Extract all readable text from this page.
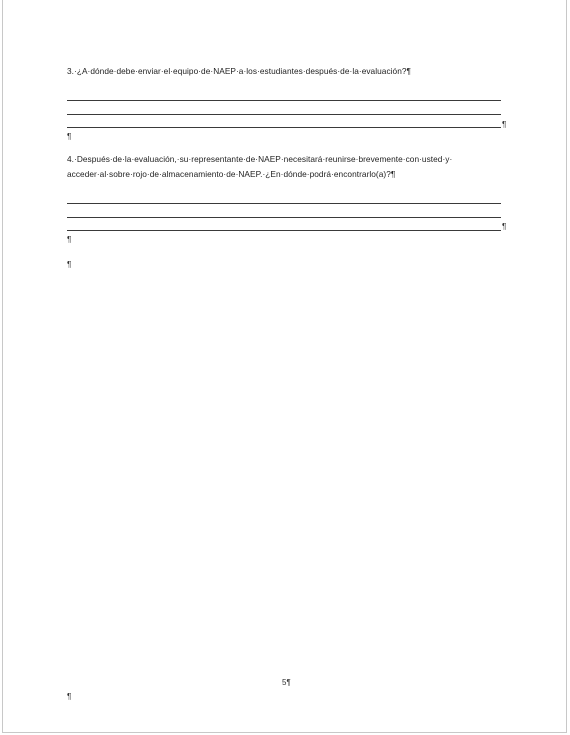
3.·¿A·dónde·debe·enviar·el·equipo·de·NAEP·a·los·estudiantes·después·de·la·evaluación?¶
¶
¶
4.·Después·de·la·evaluación,·su·representante·de·NAEP·necesitará·reunirse·brevemente·con·usted·y·
acceder·al·sobre·rojo·de·almacenamiento·de·NAEP.·¿En·dónde·podrá·encontrarlo(a)?¶
¶
¶
¶
5¶
¶
